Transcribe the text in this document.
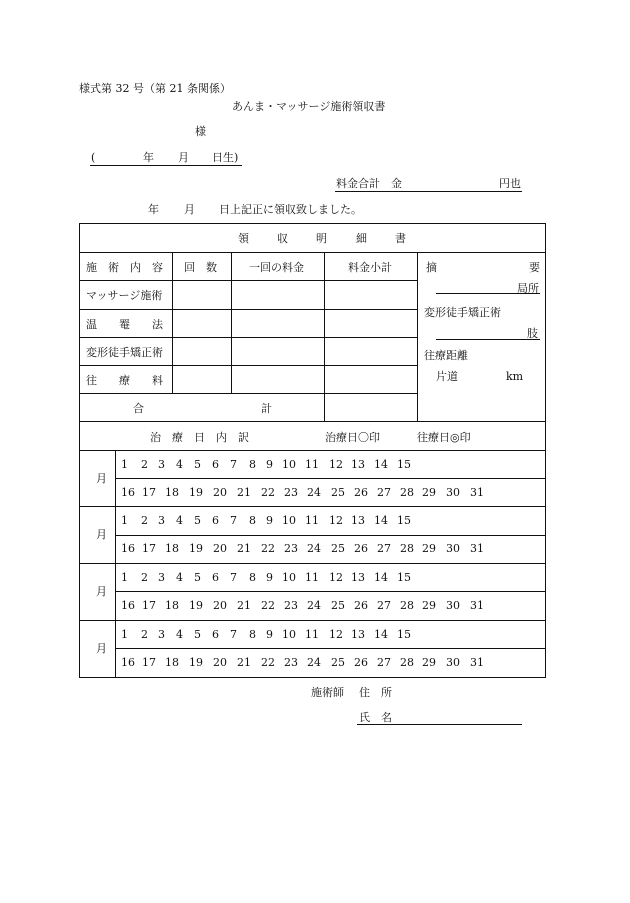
様式第 32 号（第 21 条関係）
あんま・マッサージ施術領収書
様
(	年 月 日生)
料金合計　金	円也
年 月 日上記正に領収致しました。
領	収	明	細	書
施　術　内　容 回　数	一回の料金	料金小計	摘	要
マッサージ施術
温　　罨　　法
変形徒手矯正術
往　　療　　料
合	計
局所
変形徒手矯正術
肢
往療距離
片道	km
治　療　日　内　訳	治療日〇印	往療日◎印
月
1 2 3 4 5 6 7 8 9 10 11 12 13 14 15
16 17 18 19 20 21 22 23 24 25 26 27 28 29 30 31
月
1 2 3 4 5 6 7 8 9 10 11 12 13 14 15
16 17 18 19 20 21 22 23 24 25 26 27 28 29 30 31
月
1 2 3 4 5 6 7 8 9 10 11 12 13 14 15
16 17 18 19 20 21 22 23 24 25 26 27 28 29 30 31
月
1 2 3 4 5 6 7 8 9 10 11 12 13 14 15
16 17 18 19 20 21 22 23 24 25 26 27 28 29 30 31
施術師 住　所
氏　名
